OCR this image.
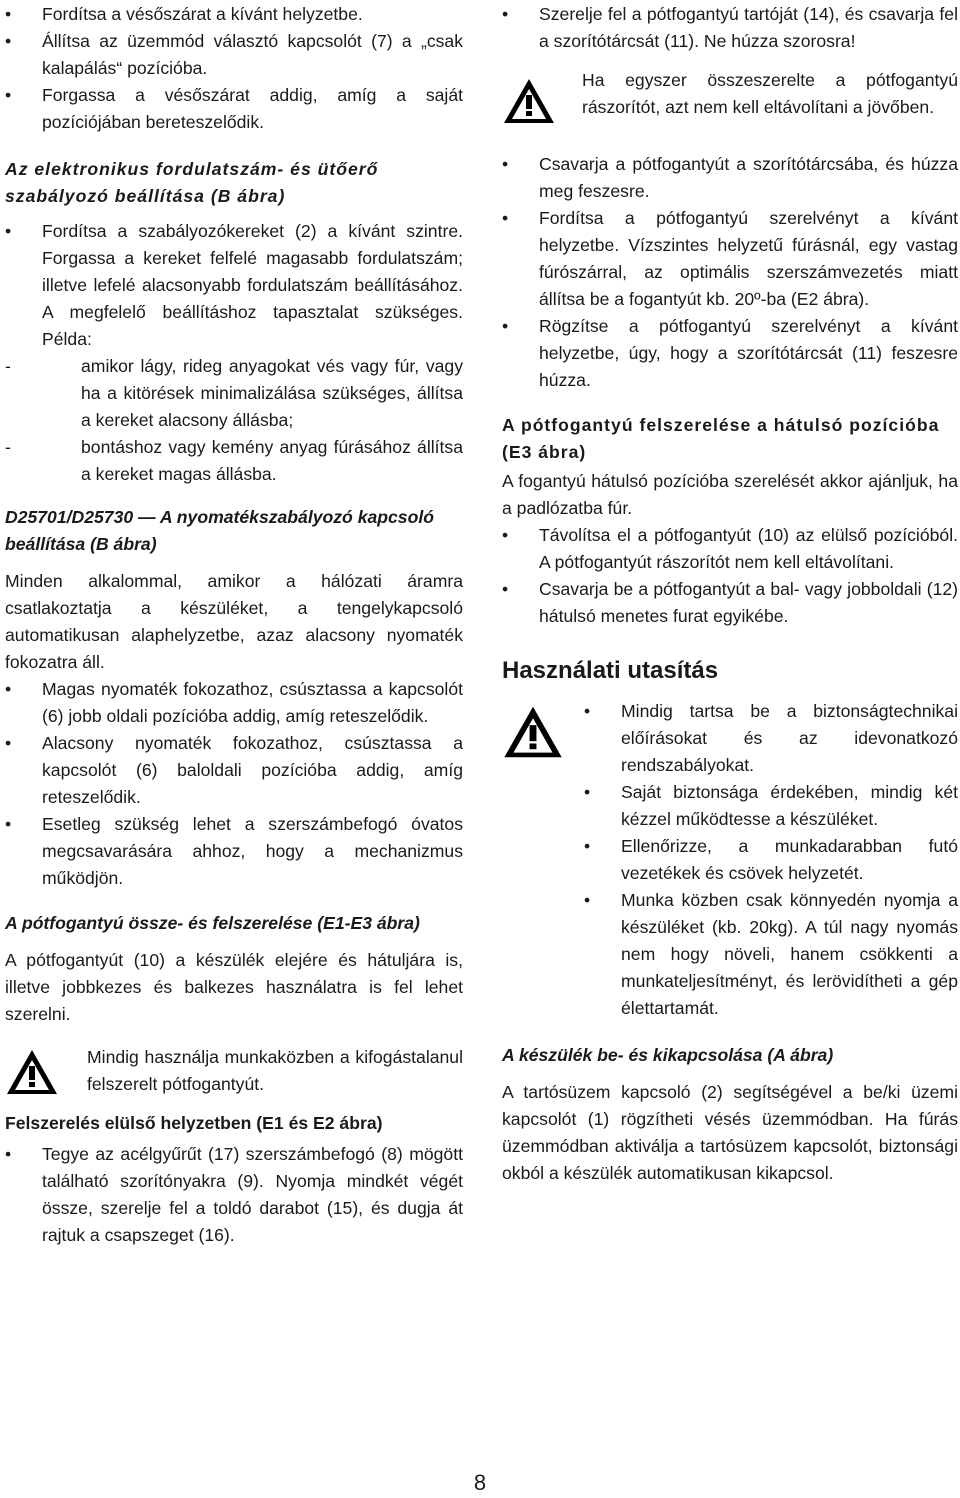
• Fordítsa a vésőszárat a kívánt helyzetbe.

• Állítsa az üzemmód választó kapcsolót (7) a „csak kalapálás“ pozícióba.

• Forgassa a vésőszárat addig, amíg a saját pozíciójában bereteszelődik.

Az elektronikus fordulatszám- és ütőerő szabályozó beállítása (B ábra)

• Fordítsa a szabályozókereket (2) a kívánt szintre. Forgassa a kereket felfelé magasabb fordulatszám; illetve lefelé alacsonyabb fordulatszám beállításához. A megfelelő beállításhoz tapasztalat szükséges. Példa:

- amikor lágy, rideg anyagokat vés vagy fúr, vagy ha a kitörések minimalizálása szükséges, állítsa a kereket alacsony állásba;

- bontáshoz vagy kemény anyag fúrásához állítsa a kereket magas állásba.

D25701/D25730 — A nyomatékszabályozó kapcsoló beállítása (B ábra)

Minden alkalommal, amikor a hálózati áramra csatlakoztatja a készüléket, a tengelykapcsoló automatikusan alaphelyzetbe, azaz alacsony nyomaték fokozatra áll.

• Magas nyomaték fokozathoz, csúsztassa a kapcsolót (6) jobb oldali pozícióba addig, amíg reteszelődik.

• Alacsony nyomaték fokozathoz, csúsztassa a kapcsolót (6) baloldali pozícióba addig, amíg reteszelődik.

• Esetleg szükség lehet a szerszámbefogó óvatos megcsavarására ahhoz, hogy a mechanizmus működjön.

A pótfogantyú össze- és felszerelése (E1-E3 ábra)

A pótfogantyút (10) a készülék elejére és hátuljára is, illetve jobbkezes és balkezes használatra is fel lehet szerelni.

Mindig használja munkaközben a kifogástalanul felszerelt pótfogantyút.

Felszerelés elülső helyzetben (E1 és E2 ábra)

• Tegye az acélgyűrűt (17) szerszámbefogó (8) mögött található szorítónyakra (9). Nyomja mindkét végét össze, szerelje fel a toldó darabot (15), és dugja át rajtuk a csapszeget (16).

• Szerelje fel a pótfogantyú tartóját (14), és csavarja fel a szorítótárcsát (11). Ne húzza szorosra!

Ha egyszer összeszerelte a pótfogantyú rászorítót, azt nem kell eltávolítani a jövőben.

• Csavarja a pótfogantyút a szorítótárcsába, és húzza meg feszesre.

• Fordítsa a pótfogantyú szerelvényt a kívánt helyzetbe. Vízszintes helyzetű fúrásnál, egy vastag fúrószárral, az optimális szerszámvezetés miatt állítsa be a fogantyút kb. 20º-ba (E2 ábra).

• Rögzítse a pótfogantyú szerelvényt a kívánt helyzetbe, úgy, hogy a szorítótárcsát (11) feszesre húzza.

A pótfogantyú felszerelése a hátulsó pozícióba (E3 ábra)

A fogantyú hátulsó pozícióba szerelését akkor ajánljuk, ha a padlózatba fúr.

• Távolítsa el a pótfogantyút (10) az elülső pozícióból. A pótfogantyút rászorítót nem kell eltávolítani.

• Csavarja be a pótfogantyút a bal- vagy jobboldali (12) hátulsó menetes furat egyikébe.

Használati utasítás

• Mindig tartsa be a biztonságtechnikai előírásokat és az idevonatkozó rendszabályokat.

• Saját biztonsága érdekében, mindig két kézzel működtesse a készüléket.

• Ellenőrizze, a munkadarabban futó vezetékek és csövek helyzetét.

• Munka közben csak könnyedén nyomja a készüléket (kb. 20kg). A túl nagy nyomás nem hogy növeli, hanem csökkenti a munkateljesítményt, és lerövidítheti a gép élettartamát.

A készülék be- és kikapcsolása (A ábra)

A tartósüzem kapcsoló (2) segítségével a be/ki üzemi kapcsolót (1) rögzítheti vésés üzemmódban. Ha fúrás üzemmódban aktiválja a tartósüzem kapcsolót, biztonsági okból a készülék automatikusan kikapcsol.

8
